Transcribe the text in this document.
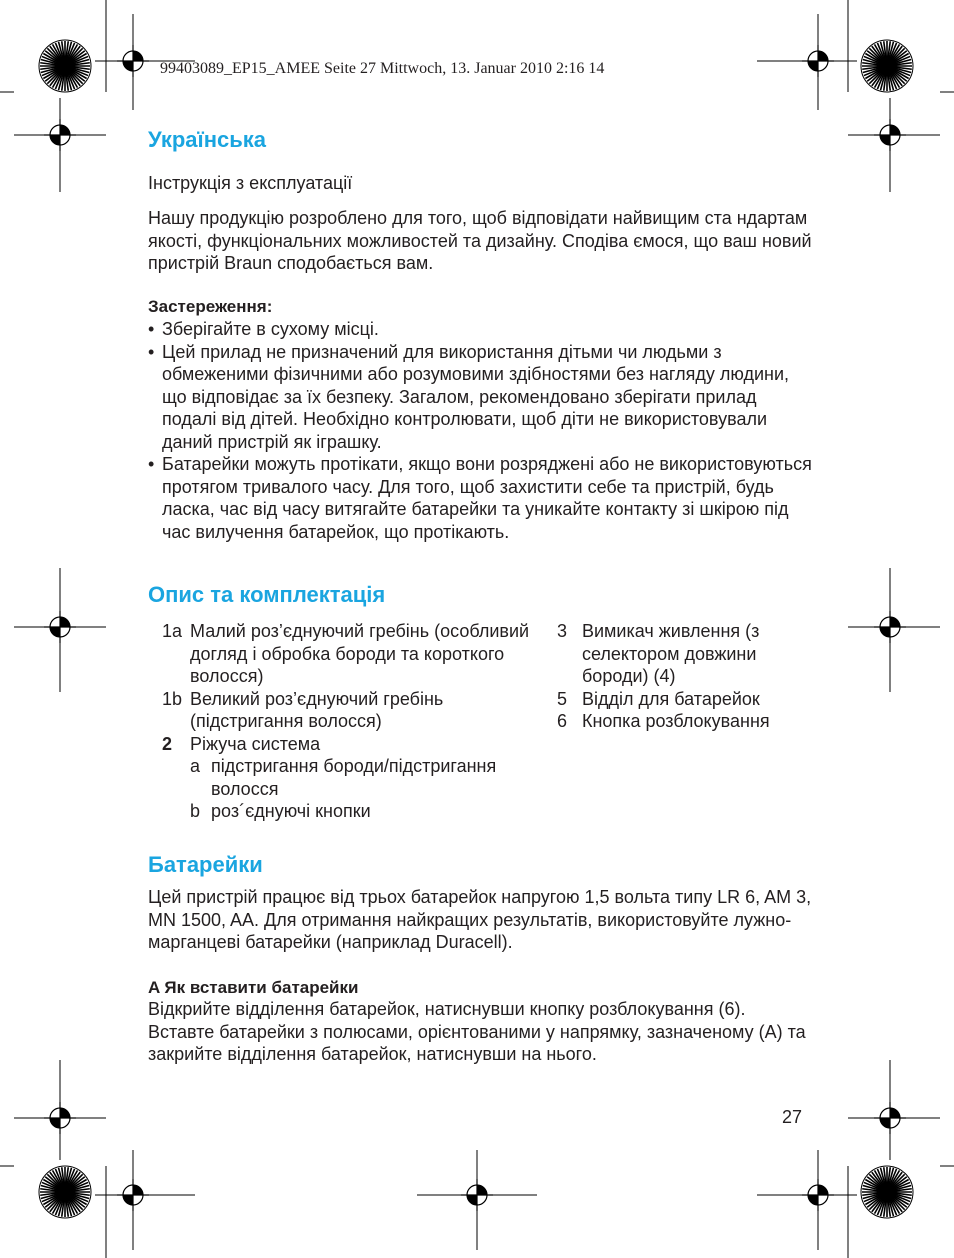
99403089_EP15_AMEE Seite 27 Mittwoch, 13. Januar 2010 2:16 14
Українська

Інструкція з експлуатації

Нашу продукцію розроблено для того, щоб відповідати найвищим ста ндартам якості, функціональних можливостей та дизайну. Сподіва ємося, що ваш новий пристрій Braun сподобається вам.

Застереження:

• Зберігайте в сухому місці.
• Цей прилад не призначений для використання дітьми чи людьми з обмеженими фізичними або розумовими здібностями без нагляду людини, що відповідає за їх безпеку. Загалом, рекомендовано зберігати прилад подалі від дітей. Необхідно контролювати, щоб діти не використовували даний пристрій як іграшку.
• Батарейки можуть протікати, якщо вони розряджені або не використовуються протягом тривалого часу. Для того, щоб захистити себе та пристрій, будь ласка, час від часу витягайте батарейки та уникайте контакту зі шкірою під час вилучення батарейок, що протікають.
Опис та комплектація
1a Малий роз’єднуючий гребінь (особливий догляд і обробка бороди та короткого волосся)
1b Великий роз’єднуючий гребінь (підстригання волосся)
2 Ріжуча система
a підстригання бороди/підстригання волосся
b роз´єднуючі кнопки
3 Вимикач живлення (з селектором довжини бороди) (4)
5 Відділ для батарейок
6 Кнопка розблокування
Батарейки

Цей пристрій працює від трьох батарейок напругою 1,5 вольта типу LR 6, AM 3, MN 1500, AA. Для отримання найкращих результатів, використовуйте лужно-марганцеві батарейки (наприклад Duracell).

A Як вставити батарейки

Відкрийте відділення батарейок, натиснувши кнопку розблокування (6). Вставте батарейки з полюсами, орієнтованими у напрямку, зазначеному (A) та закрийте відділення батарейок, натиснувши на нього.

27
